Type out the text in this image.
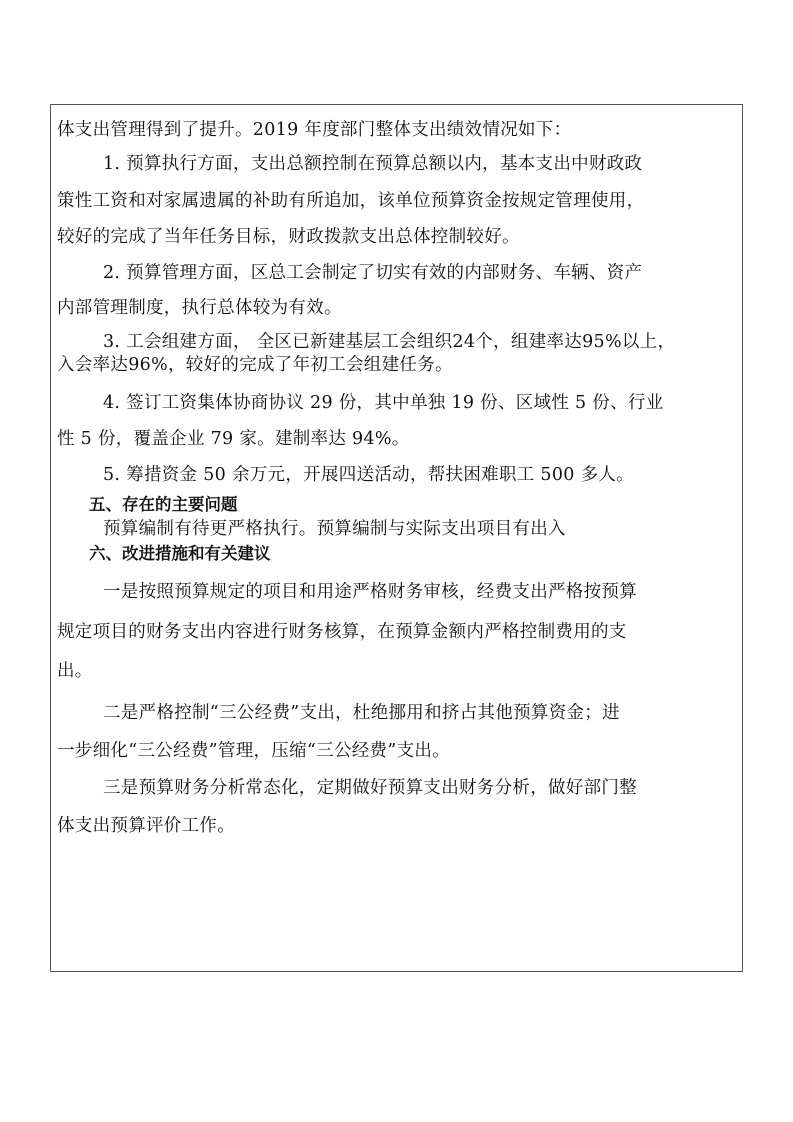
体支出管理得到了提升。2019 年度部门整体支出绩效情况如下：
1. 预算执行方面，支出总额控制在预算总额以内，基本支出中财政政
策性工资和对家属遗属的补助有所追加，该单位预算资金按规定管理使用，
较好的完成了当年任务目标，财政拨款支出总体控制较好。
2. 预算管理方面，区总工会制定了切实有效的内部财务、车辆、资产
内部管理制度，执行总体较为有效。
3. 工会组建方面， 全区已新建基层工会组织24个，组建率达95%以上，
入会率达96%，较好的完成了年初工会组建任务。
4. 签订工资集体协商协议 29 份，其中单独 19 份、区域性 5 份、行业
性 5 份，覆盖企业 79 家。建制率达 94%。
5. 筹措资金 50 余万元，开展四送活动，帮扶困难职工 500 多人。
五、存在的主要问题
预算编制有待更严格执行。预算编制与实际支出项目有出入
六、改进措施和有关建议
一是按照预算规定的项目和用途严格财务审核，经费支出严格按预算
规定项目的财务支出内容进行财务核算，在预算金额内严格控制费用的支
出。
二是严格控制“三公经费”支出，杜绝挪用和挤占其他预算资金；进
一步细化“三公经费”管理，压缩“三公经费”支出。
三是预算财务分析常态化，定期做好预算支出财务分析，做好部门整
体支出预算评价工作。
